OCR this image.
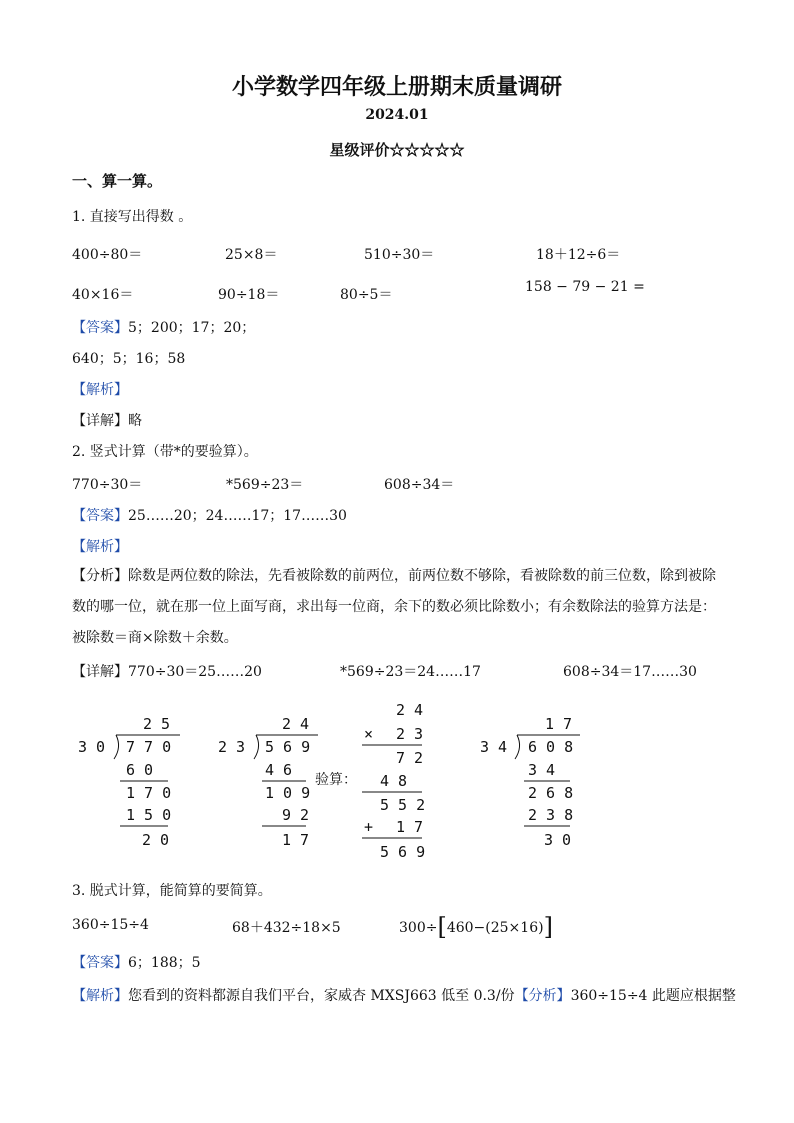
小学数学四年级上册期末质量调研
2024.01
星级评价☆☆☆☆☆
一、算一算。
1. 直接写出得数 。
400÷80＝	25×8＝	510÷30＝	18＋12÷6＝
40×16＝	90÷18＝	80÷5＝	158 − 79 − 21 =
【答案】5；200；17；20；
640；5；16；58
【解析】
【详解】略
2. 竖式计算（带*的要验算）。
770÷30＝	*569÷23＝	608÷34＝
【答案】25……20；24……17；17……30
【解析】
【分析】除数是两位数的除法，先看被除数的前两位，前两位数不够除，看被除数的前三位数，除到被除数的哪一位，就在那一位上面写商，求出每一位商，余下的数必须比除数小；有余数除法的验算方法是：被除数＝商×除数＋余数。
【详解】 770÷30＝25……20	*569÷23＝24……17	608÷34＝17……30
2 5
3 0 7 7 0
6 0
1 7 0
1 5 0
2 0
2 4
2 3 5 6 9
4 6
1 0 9
9 2
1 7
验算：
2 4
× 2 3
7 2
4 8
5 5 2
+ 1 7
5 6 9
1 7
3 4 6 0 8
3 4
2 6 8
2 3 8
3 0
3. 脱式计算，能简算的要简算。
360÷15÷4	68＋432÷18×5	300÷[460−(25×16)]
【答案】6；188；5
【解析】您看到的资料都源自我们平台，家威杏 MXSJ663 低至 0.3/份【分析】360÷15÷4 此题应根据整
